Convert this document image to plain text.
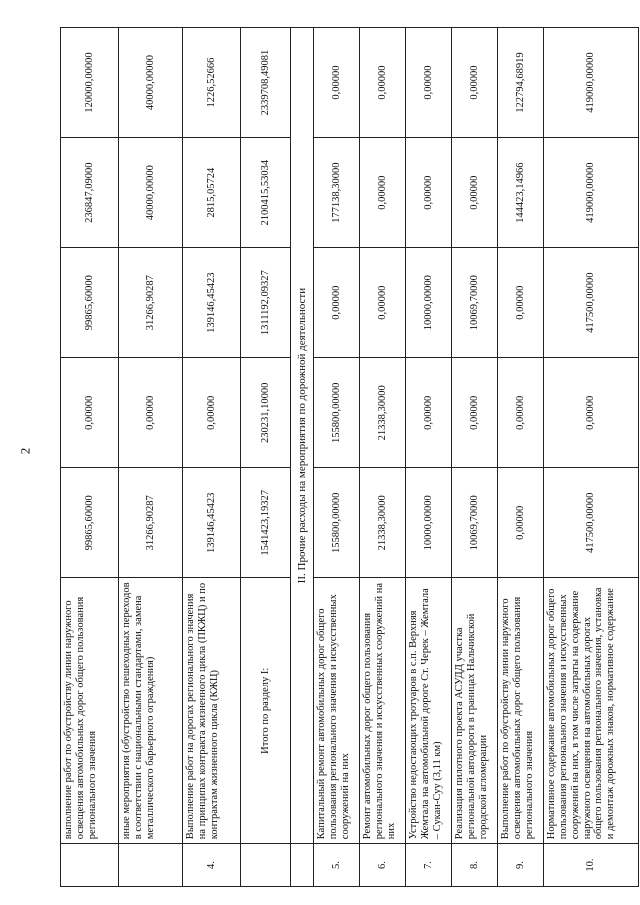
2
	выполнение работ по обустройству линии наружного освещения автомобильных дорог общего пользования регионального значения	99865,60000	0,00000	99865,60000	236847,09000	120000,00000
	иные мероприятия (обустройство пешеходных переходов в соответствии с национальными стандартами, замена металлического барьерного ограждения)	31266,90287	0,00000	31266,90287	40000,00000	40000,00000
4.	Выполнение работ на дорогах регионального значения на принципах контракта жизненного цикла (ПКЖЦ) и по контрактам жизненного цикла (КЖЦ)	139146,45423	0,00000	139146,45423	2815,05724	1226,52666
	Итого по разделу I:	1541423,19327	230231,10000	1311192,09327	2100415,53034	2339708,49081
	II. Прочие расходы на мероприятия по дорожной деятельности					
5.	Капитальный ремонт автомобильных дорог общего пользования регионального значения и искусственных сооружений на них	155800,00000	155800,00000	0,00000	177138,30000	0,00000
6.	Ремонт автомобильных дорог общего пользования регионального значения и искусственных сооружений на них	21338,30000	21338,30000	0,00000	0,00000	0,00000
7.	Устройство недостающих тротуаров в с.п. Верхняя Жемтала на автомобильной дороге Ст. Черек – Жемтала – Сукан-Суу (3,11 км)	10000,00000	0,00000	10000,00000	0,00000	0,00000
8.	Реализация пилотного проекта АСУДД участка региональной автодороги в границах Нальчикской городской агломерации	10069,70000	0,00000	10069,70000	0,00000	0,00000
9.	Выполнение работ по обустройству линии наружного освещения автомобильных дорог общего пользования регионального значения	0,00000	0,00000	0,00000	144423,14966	122794,68919
10.	Нормативное содержание автомобильных дорог общего пользования регионального значения и искусственных сооружений на них, в том числе затраты на содержание наружного освещения на автомобильных дорогах общего пользования регионального значения, установка и демонтаж дорожных знаков, нормативное содержание	417500,00000	0,00000	417500,00000	419000,00000	419000,00000
